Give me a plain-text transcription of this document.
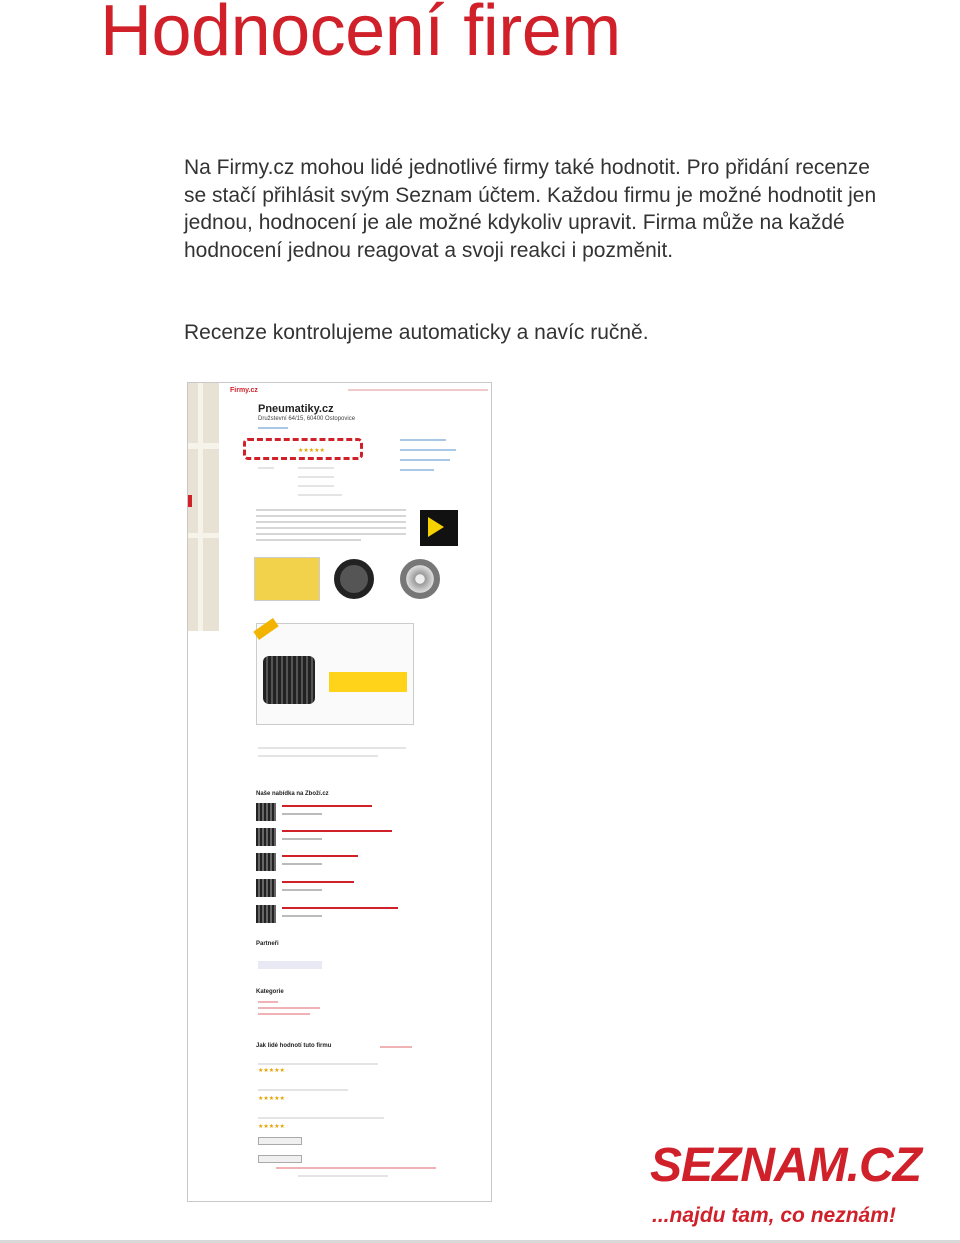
Hodnocení firem

Na Firmy.cz mohou lidé jednotlivé firmy také hodnotit. Pro přidání recenze se stačí přihlásit svým Seznam účtem. Každou firmu je možné hodnotit jen jednou, hodnocení je ale možné kdykoliv upravit. Firma může na každé hodnocení jednou reagovat a svoji reakci i pozměnit.

Recenze kontrolujeme automaticky a navíc ručně.

Firmy.cz
Pneumatiky.cz
Družstevní 64/15, 60400 Ostopovice
★★★★★
Naše nabídka na Zboží.cz
Partneři
Kategorie
Jak lidé hodnotí tuto firmu
★★★★★
★★★★★
★★★★★
SEZNAM.CZ
...najdu tam, co neznám!
